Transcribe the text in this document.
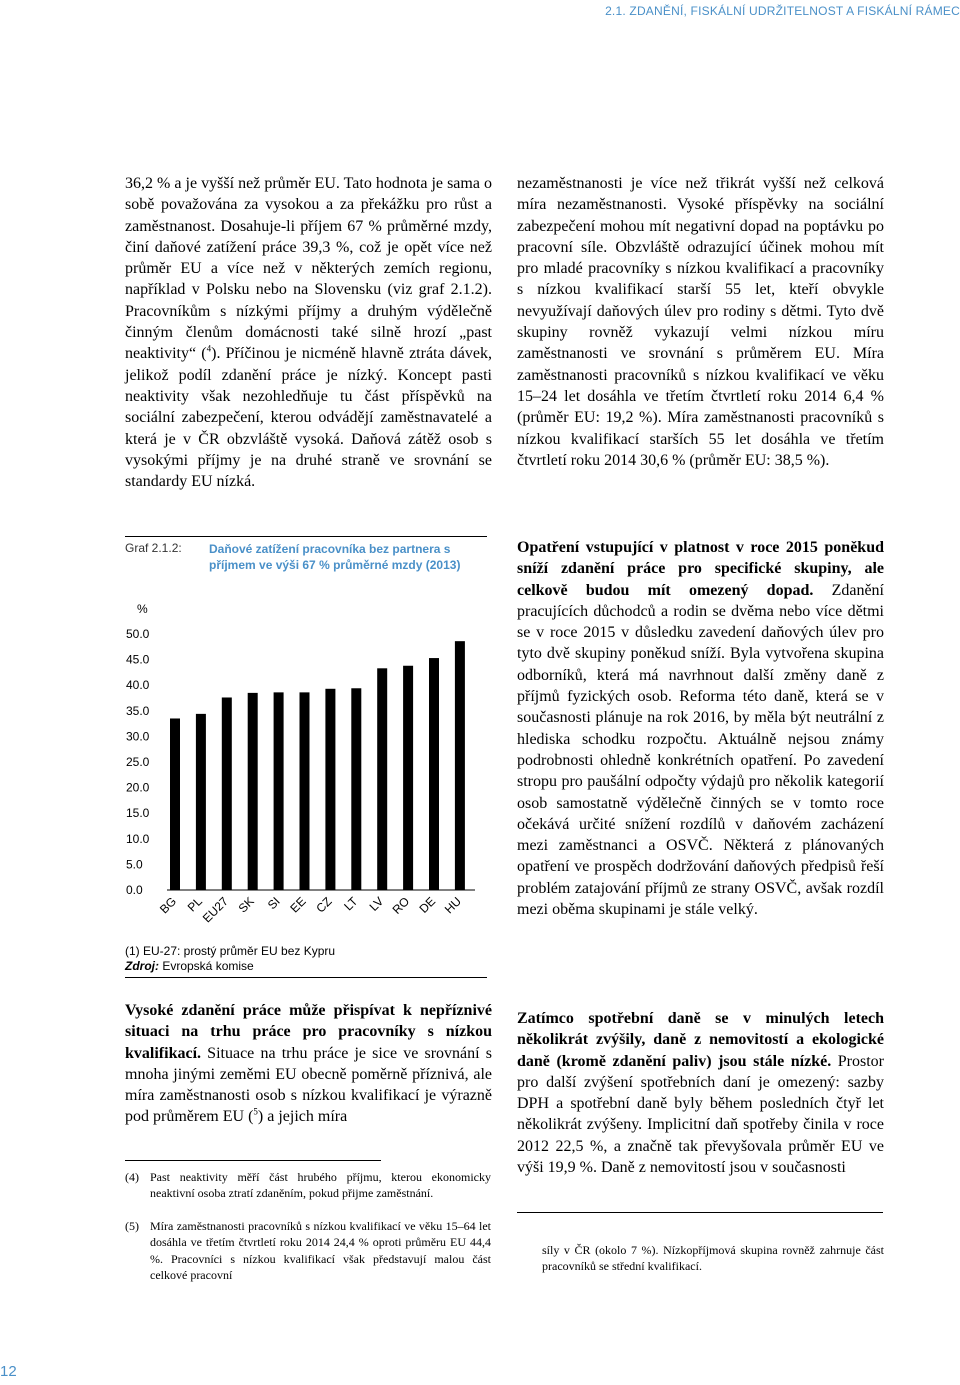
2.1. ZDANĚNÍ, FISKÁLNÍ UDRŽITELNOST A FISKÁLNÍ RÁMEC

36,2 % a je vyšší než průměr EU. Tato hodnota je sama o sobě považována za vysokou a za překážku pro růst a zaměstnanost. Dosahuje-li příjem 67 % průměrné mzdy, činí daňové zatížení práce 39,3 %, což je opět více než průměr EU a více než v některých zemích regionu, například v Polsku nebo na Slovensku (viz graf 2.1.2). Pracovníkům s nízkými příjmy a druhým výdělečně činným členům domácnosti také silně hrozí „past neaktivity“ ($^4$). Příčinou je nicméně hlavně ztráta dávek, jelikož podíl zdanění práce je nízký. Koncept pasti neaktivity však nezohledňuje tu část příspěvků na sociální zabezpečení, kterou odvádějí zaměstnavatelé a která je v ČR obzvláště vysoká. Daňová zátěž osob s vysokými příjmy je na druhé straně ve srovnání se standardy EU nízká.

nezaměstnanosti je více než třikrát vyšší než celková míra nezaměstnanosti. Vysoké příspěvky na sociální zabezpečení mohou mít negativní dopad na poptávku po pracovní síle. Obzvláště odrazující účinek mohou mít pro mladé pracovníky s nízkou kvalifikací a pracovníky s nízkou kvalifikací starší 55 let, kteří obvykle nevyužívají daňových úlev pro rodiny s dětmi. Tyto dvě skupiny rovněž vykazují velmi nízkou míru zaměstnanosti ve srovnání s průměrem EU. Míra zaměstnanosti pracovníků s nízkou kvalifikací ve věku 15–24 let dosáhla ve třetím čtvrtletí roku 2014 6,4 % (průměr EU: 19,2 %). Míra zaměstnanosti pracovníků s nízkou kvalifikací starších 55 let dosáhla ve třetím čtvrtletí roku 2014 30,6 % (průměr EU: 38,5 %).

Graf 2.1.2: Daňové zatížení pracovníka bez partnera s příjmem ve výši 67 % průměrné mzdy (2013)
%
0.0
5.0
10.0
15.0
20.0
25.0
30.0
35.0
40.0
45.0
50.0
BG PL
EU27 SK SI EE CZ LT LV RO DE HU
(1) EU-27: prostý průměr EU bez Kypru
Zdroj: Evropská komise

Opatření vstupující v platnost v roce 2015 poněkud sníží zdanění práce pro specifické skupiny, ale celkově budou mít omezený dopad. Zdanění pracujících důchodců a rodin se dvěma nebo více dětmi se v roce 2015 v důsledku zavedení daňových úlev pro tyto dvě skupiny poněkud sníží. Byla vytvořena skupina odborníků, která má navrhnout další změny daně z příjmů fyzických osob. Reforma této daně, která se v současnosti plánuje na rok 2016, by měla být neutrální z hlediska schodku rozpočtu. Aktuálně nejsou známy podrobnosti ohledně konkrétních opatření. Po zavedení stropu pro paušální odpočty výdajů pro několik kategorií osob samostatně výdělečně činných se v tomto roce očekává určité snížení rozdílů v daňovém zacházení mezi zaměstnanci a OSVČ. Některá z plánovaných opatření ve prospěch dodržování daňových předpisů řeší problém zatajování příjmů ze strany OSVČ, avšak rozdíl mezi oběma skupinami je stále velký.

Vysoké zdanění práce může přispívat k nepříznivé situaci na trhu práce pro pracovníky s nízkou kvalifikací. Situace na trhu práce je sice ve srovnání s mnoha jinými zeměmi EU obecně poměrně příznivá, ale míra zaměstnanosti osob s nízkou kvalifikací je výrazně pod průměrem EU ($^5$) a jejich míra

Zatímco spotřební daně se v minulých letech několikrát zvýšily, daně z nemovitostí a ekologické daně (kromě zdanění paliv) jsou stále nízké. Prostor pro další zvýšení spotřebních daní je omezený: sazby DPH a spotřební daně byly během posledních čtyř let několikrát zvýšeny. Implicitní daň spotřeby činila v roce 2012 22,5 %, a značně tak převyšovala průměr EU ve výši 19,9 %. Daně z nemovitostí jsou v současnosti

(4) Past neaktivity měří část hrubého příjmu, kterou ekonomicky neaktivní osoba ztratí zdaněním, pokud přijme zaměstnání.
(5) Míra zaměstnanosti pracovníků s nízkou kvalifikací ve věku 15–64 let dosáhla ve třetím čtvrtletí roku 2014 24,4 % oproti průměru EU 44,4 %. Pracovníci s nízkou kvalifikací však představují malou část celkové pracovní
síly v ČR (okolo 7 %). Nízkopříjmová skupina rovněž zahrnuje část pracovníků se střední kvalifikací.
12
